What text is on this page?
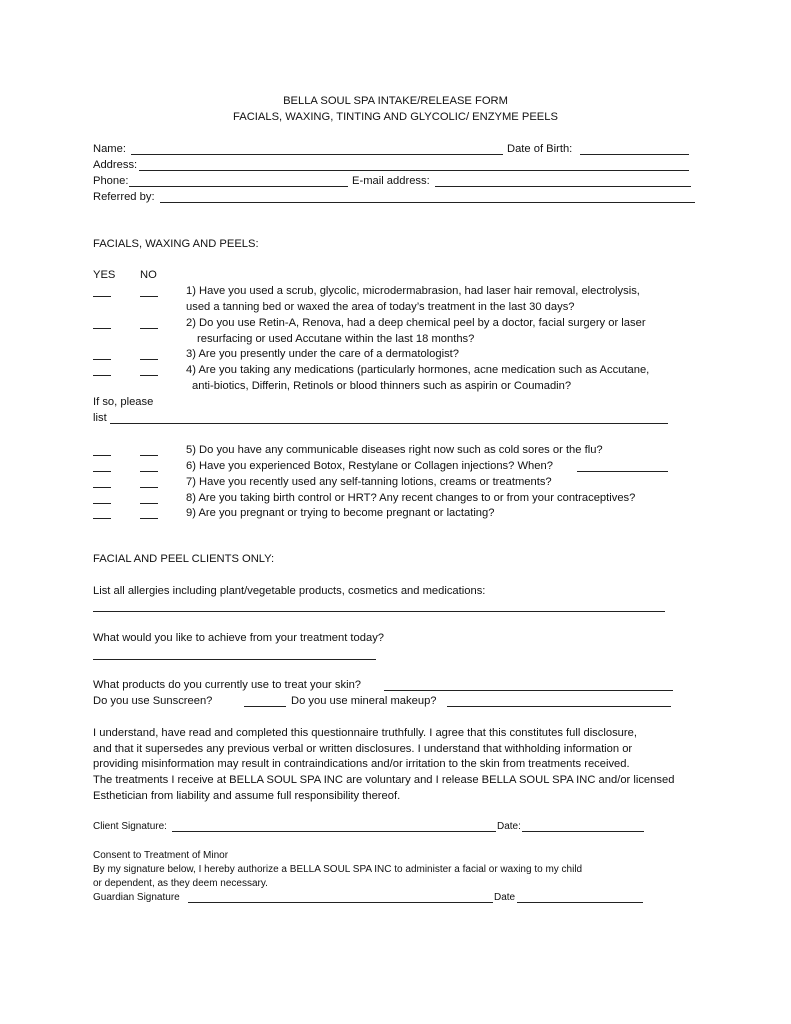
BELLA SOUL SPA INTAKE/RELEASE FORM
FACIALS, WAXING, TINTING AND GLYCOLIC/ ENZYME PEELS
Name:	Date of Birth:
Address:
Phone:	E-mail address:
Referred by:
FACIALS, WAXING AND PEELS:
YES NO
1) Have you used a scrub, glycolic, microdermabrasion, had laser hair removal, electrolysis,
used a tanning bed or waxed the area of today’s treatment in the last 30 days?
2) Do you use Retin-A, Renova, had a deep chemical peel by a doctor, facial surgery or laser
resurfacing or used Accutane within the last 18 months?
3) Are you presently under the care of a dermatologist?
4) Are you taking any medications (particularly hormones, acne medication such as Accutane,
anti-biotics, Differin, Retinols or blood thinners such as aspirin or Coumadin?
If so, please
list
5) Do you have any communicable diseases right now such as cold sores or the flu?
6) Have you experienced Botox, Restylane or Collagen injections? When?
7) Have you recently used any self-tanning lotions, creams or treatments?
8) Are you taking birth control or HRT? Any recent changes to or from your contraceptives?
9) Are you pregnant or trying to become pregnant or lactating?
FACIAL AND PEEL CLIENTS ONLY:
List all allergies including plant/vegetable products, cosmetics and medications:
What would you like to achieve from your treatment today?
What products do you currently use to treat your skin?
Do you use Sunscreen?	Do you use mineral makeup?
I understand, have read and completed this questionnaire truthfully. I agree that this constitutes full disclosure,
and that it supersedes any previous verbal or written disclosures. I understand that withholding information or
providing misinformation may result in contraindications and/or irritation to the skin from treatments received.
The treatments I receive at BELLA SOUL SPA INC are voluntary and I release BELLA SOUL SPA INC and/or licensed
Esthetician from liability and assume full responsibility thereof.
Client Signature:	Date:
Consent to Treatment of Minor
By my signature below, I hereby authorize a BELLA SOUL SPA INC to administer a facial or waxing to my child
or dependent, as they deem necessary.
Guardian Signature	Date
